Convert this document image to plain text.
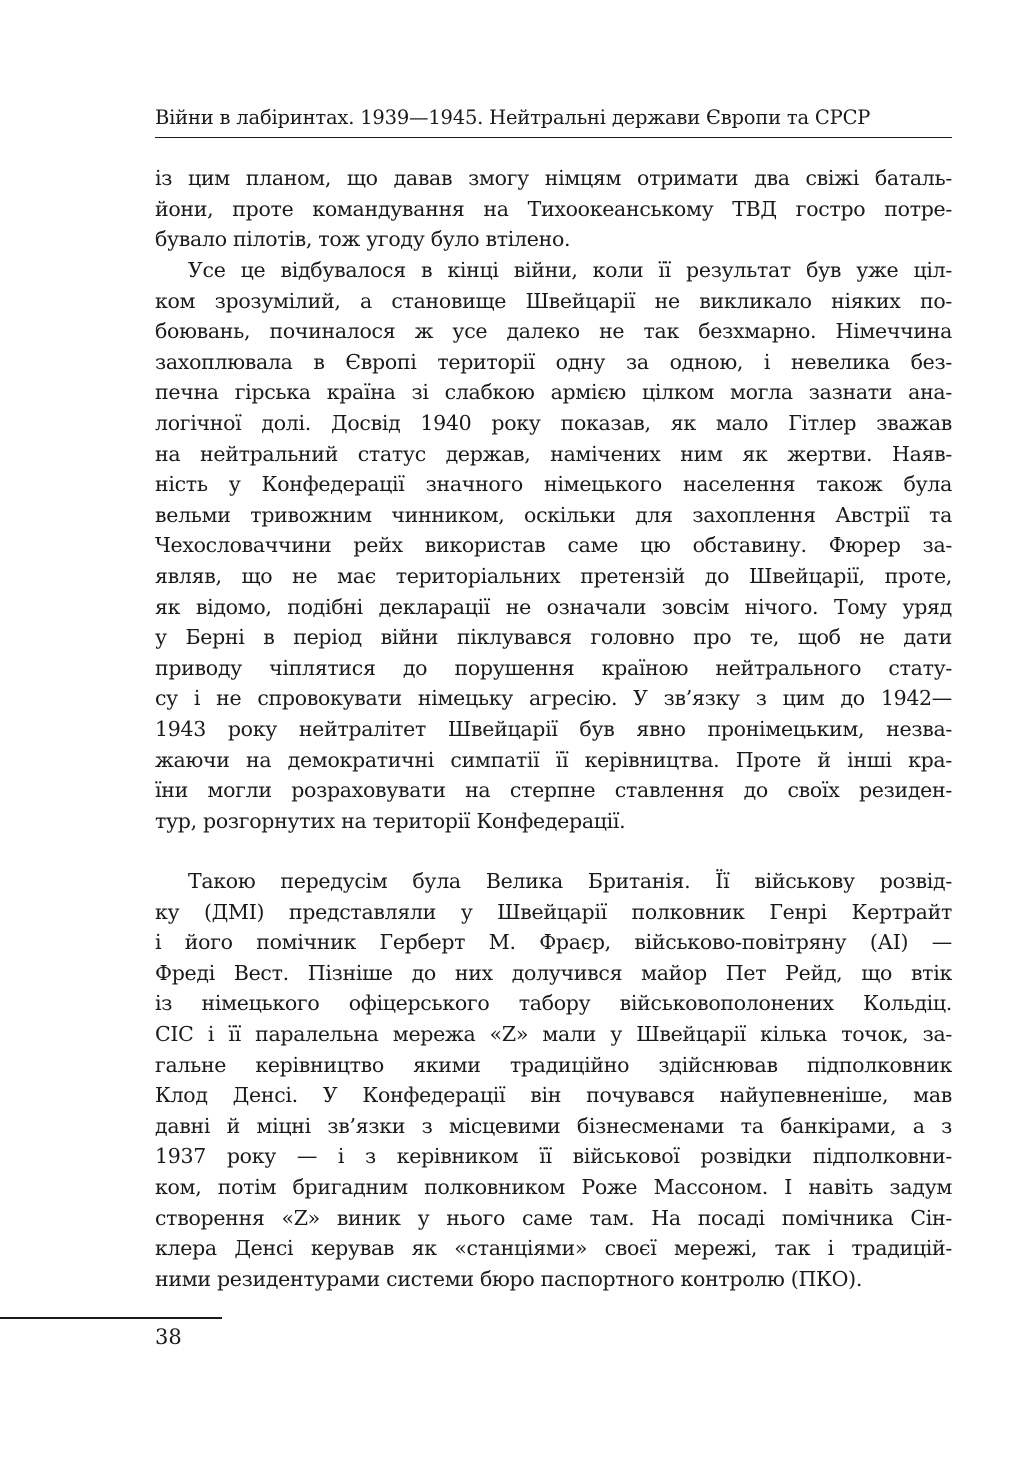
Війни в лабіринтах. 1939—1945. Нейтральні держави Європи та СРСР
із цим планом, що давав змогу німцям отримати два свіжі баталь-
йони, проте командування на Тихоокеанському ТВД гостро потре-
бувало пілотів, тож угоду було втілено.
Усе це відбувалося в кінці війни, коли її результат був уже ціл-
ком зрозумілий, а становище Швейцарії не викликало ніяких по-
боювань, починалося ж усе далеко не так безхмарно. Німеччина
захоплювала в Європі території одну за одною, і невелика без-
печна гірська країна зі слабкою армією цілком могла зазнати ана-
логічної долі. Досвід 1940 року показав, як мало Гітлер зважав
на нейтральний статус держав, намічених ним як жертви. Наяв-
ність у Конфедерації значного німецького населення також була
вельми тривожним чинником, оскільки для захоплення Австрії та
Чехословаччини рейх використав саме цю обставину. Фюрер за-
являв, що не має територіальних претензій до Швейцарії, проте,
як відомо, подібні декларації не означали зовсім нічого. Тому уряд
у Берні в період війни піклувався головно про те, щоб не дати
приводу чіплятися до порушення країною нейтрального стату-
су і не спровокувати німецьку агресію. У зв’язку з цим до 1942—
1943 року нейтралітет Швейцарії був явно пронімецьким, незва-
жаючи на демократичні симпатії її керівництва. Проте й інші кра-
їни могли розраховувати на стерпне ставлення до своїх резиден-
тур, розгорнутих на території Конфедерації.
Такою передусім була Велика Британія. Її військову розвід-
ку (ДМІ) представляли у Швейцарії полковник Генрі Кертрайт
і його помічник Герберт М. Фраєр, військово-повітряну (АІ) —
Фреді Вест. Пізніше до них долучився майор Пет Рейд, що втік
із німецького офіцерського табору військовополонених Кольдіц.
СІС і її паралельна мережа «Z» мали у Швейцарії кілька точок, за-
гальне керівництво якими традиційно здійснював підполковник
Клод Денсі. У Конфедерації він почувався найупевненіше, мав
давні й міцні зв’язки з місцевими бізнесменами та банкірами, а з
1937 року — і з керівником її військової розвідки підполковни-
ком, потім бригадним полковником Роже Массоном. І навіть задум
створення «Z» виник у нього саме там. На посаді помічника Сін-
клера Денсі керував як «станціями» своєї мережі, так і традицій-
ними резидентурами системи бюро паспортного контролю (ПКО).
38
